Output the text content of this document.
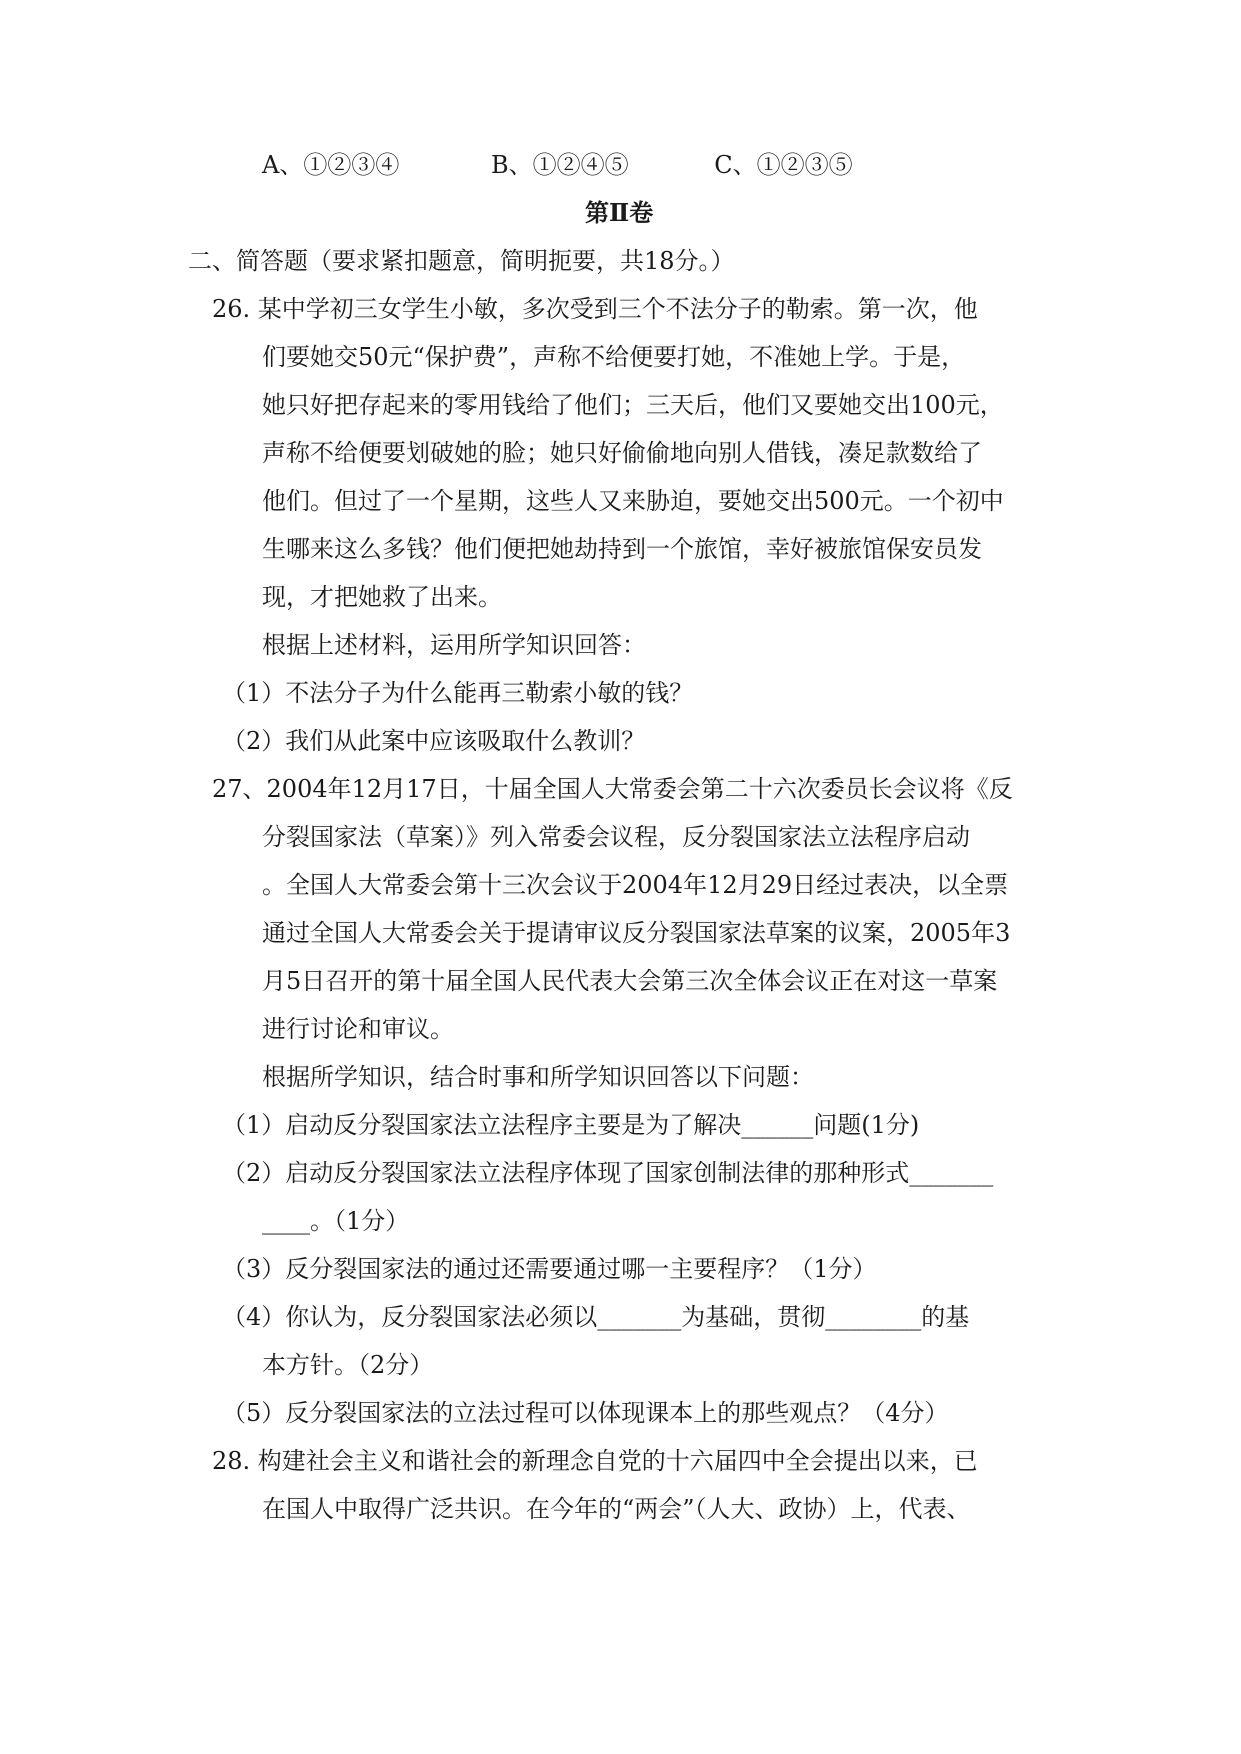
A、①②③④	B、①②④⑤	C、①②③⑤
第Ⅱ卷
二、简答题（要求紧扣题意，简明扼要，共18分。）
26. 某中学初三女学生小敏，多次受到三个不法分子的勒索。第一次，他
们要她交50元“保护费”，声称不给便要打她，不准她上学。于是，
她只好把存起来的零用钱给了他们；三天后，他们又要她交出100元，
声称不给便要划破她的脸；她只好偷偷地向别人借钱，凑足款数给了
他们。但过了一个星期，这些人又来胁迫，要她交出500元。一个初中
生哪来这么多钱？他们便把她劫持到一个旅馆，幸好被旅馆保安员发
现，才把她救了出来。
根据上述材料，运用所学知识回答：
（1）不法分子为什么能再三勒索小敏的钱？
（2）我们从此案中应该吸取什么教训？
27、2004年12月17日，十届全国人大常委会第二十六次委员长会议将《反
分裂国家法（草案）》列入常委会议程，反分裂国家法立法程序启动
。全国人大常委会第十三次会议于2004年12月29日经过表决，以全票
通过全国人大常委会关于提请审议反分裂国家法草案的议案，2005年3
月5日召开的第十届全国人民代表大会第三次全体会议正在对这一草案
进行讨论和审议。
根据所学知识，结合时事和所学知识回答以下问题：
（1）启动反分裂国家法立法程序主要是为了解决______问题(1分)
（2）启动反分裂国家法立法程序体现了国家创制法律的那种形式_______
____。（1分）
（3）反分裂国家法的通过还需要通过哪一主要程序？（1分）
（4）你认为，反分裂国家法必须以_______为基础，贯彻________的基
本方针。（2分）
（5）反分裂国家法的立法过程可以体现课本上的那些观点？（4分）
28. 构建社会主义和谐社会的新理念自党的十六届四中全会提出以来，已
在国人中取得广泛共识。在今年的“两会”（人大、政协）上，代表、
